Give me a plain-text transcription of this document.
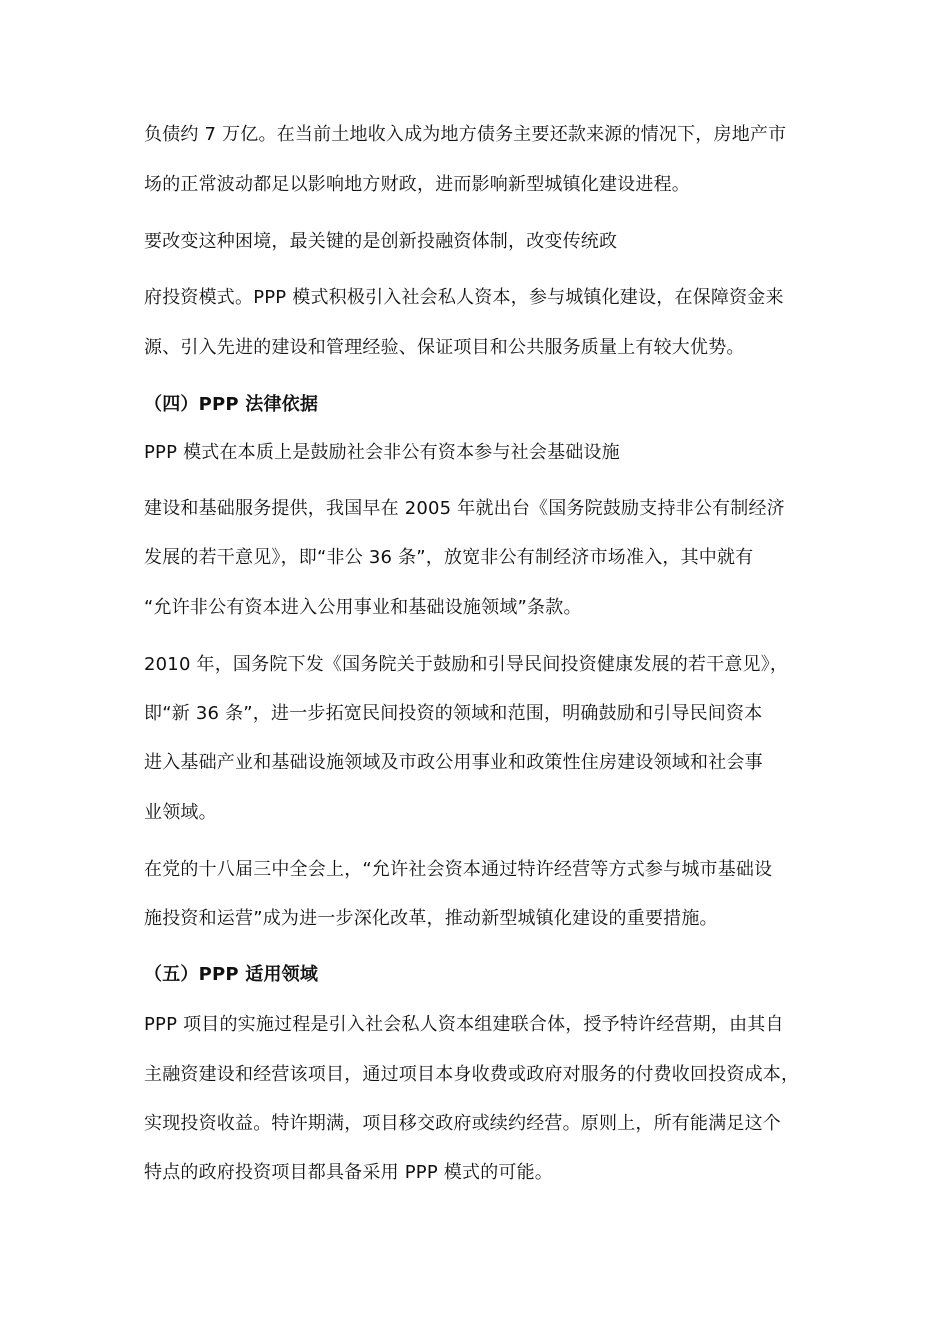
负债约 7 万亿。在当前土地收入成为地方债务主要还款来源的情况下，房地产市
场的正常波动都足以影响地方财政，进而影响新型城镇化建设进程。
要改变这种困境，最关键的是创新投融资体制，改变传统政
府投资模式。PPP 模式积极引入社会私人资本，参与城镇化建设，在保障资金来
源、引入先进的建设和管理经验、保证项目和公共服务质量上有较大优势。
（四）PPP 法律依据
PPP 模式在本质上是鼓励社会非公有资本参与社会基础设施
建设和基础服务提供，我国早在 2005 年就出台《国务院鼓励支持非公有制经济
发展的若干意见》，即“非公 36 条”，放宽非公有制经济市场准入，其中就有
“允许非公有资本进入公用事业和基础设施领域”条款。
2010 年，国务院下发《国务院关于鼓励和引导民间投资健康发展的若干意见》，
即“新 36 条”，进一步拓宽民间投资的领域和范围，明确鼓励和引导民间资本
进入基础产业和基础设施领域及市政公用事业和政策性住房建设领域和社会事
业领域。
在党的十八届三中全会上，“允许社会资本通过特许经营等方式参与城市基础设
施投资和运营”成为进一步深化改革，推动新型城镇化建设的重要措施。
（五）PPP 适用领域
PPP 项目的实施过程是引入社会私人资本组建联合体，授予特许经营期，由其自
主融资建设和经营该项目，通过项目本身收费或政府对服务的付费收回投资成本，
实现投资收益。特许期满，项目移交政府或续约经营。原则上，所有能满足这个
特点的政府投资项目都具备采用 PPP 模式的可能。
